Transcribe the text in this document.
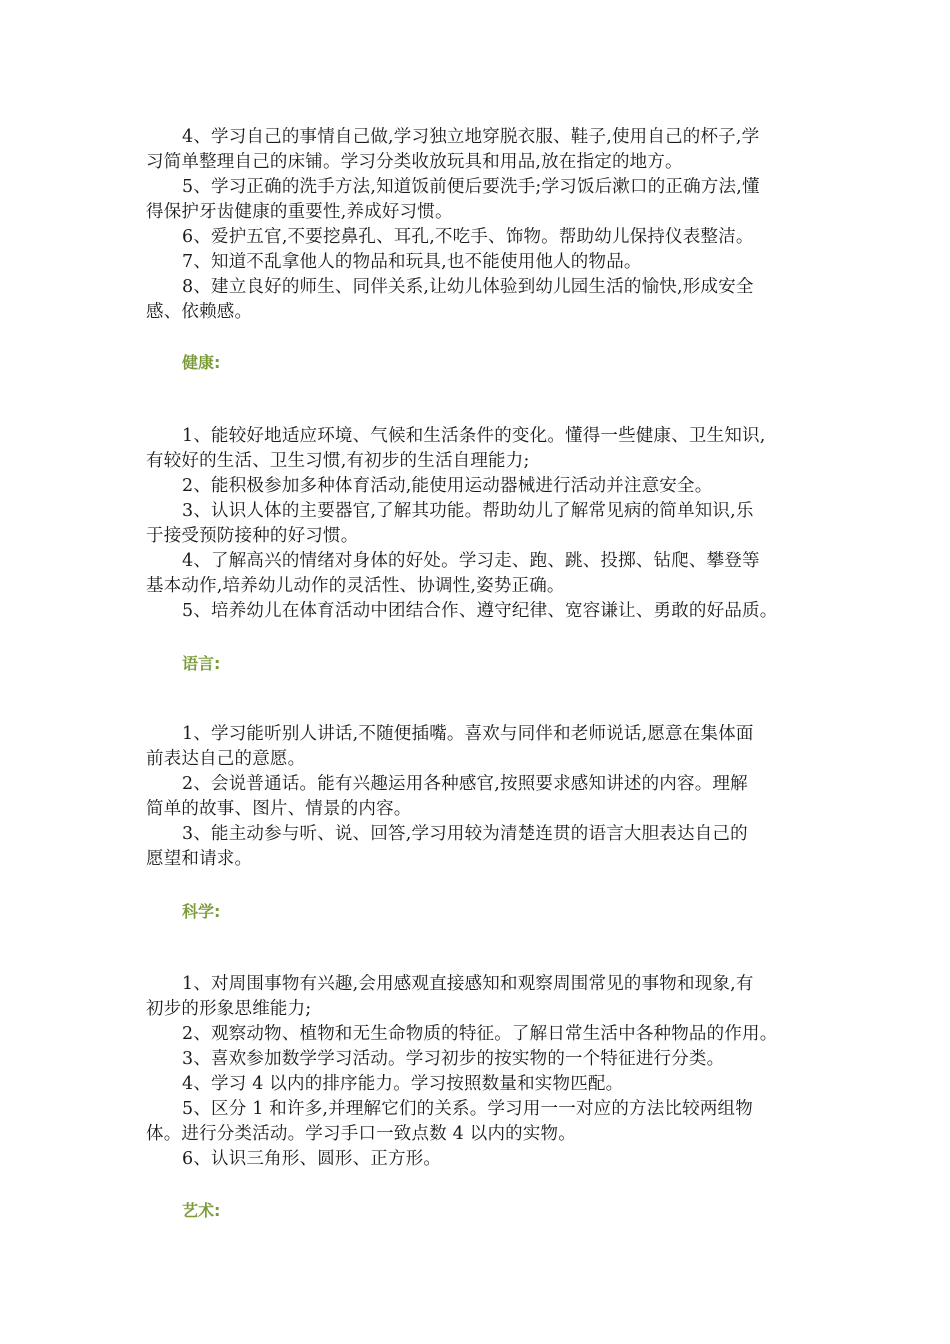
4、学习自己的事情自己做,学习独立地穿脱衣服、鞋子,使用自己的杯子,学
习简单整理自己的床铺。学习分类收放玩具和用品,放在指定的地方。

5、学习正确的洗手方法,知道饭前便后要洗手;学习饭后漱口的正确方法,懂
得保护牙齿健康的重要性,养成好习惯。

6、爱护五官,不要挖鼻孔、耳孔,不吃手、饰物。帮助幼儿保持仪表整洁。

7、知道不乱拿他人的物品和玩具,也不能使用他人的物品。

8、建立良好的师生、同伴关系,让幼儿体验到幼儿园生活的愉快,形成安全
感、依赖感。

健康:

1、能较好地适应环境、气候和生活条件的变化。懂得一些健康、卫生知识,
有较好的生活、卫生习惯,有初步的生活自理能力;

2、能积极参加多种体育活动,能使用运动器械进行活动并注意安全。

3、认识人体的主要器官,了解其功能。帮助幼儿了解常见病的简单知识,乐
于接受预防接种的好习惯。

4、了解高兴的情绪对身体的好处。学习走、跑、跳、投掷、钻爬、攀登等
基本动作,培养幼儿动作的灵活性、协调性,姿势正确。

5、培养幼儿在体育活动中团结合作、遵守纪律、宽容谦让、勇敢的好品质。

语言:

1、学习能听别人讲话,不随便插嘴。喜欢与同伴和老师说话,愿意在集体面
前表达自己的意愿。

2、会说普通话。能有兴趣运用各种感官,按照要求感知讲述的内容。理解
简单的故事、图片、情景的内容。

3、能主动参与听、说、回答,学习用较为清楚连贯的语言大胆表达自己的
愿望和请求。

科学:

1、对周围事物有兴趣,会用感观直接感知和观察周围常见的事物和现象,有
初步的形象思维能力;

2、观察动物、植物和无生命物质的特征。了解日常生活中各种物品的作用。

3、喜欢参加数学学习活动。学习初步的按实物的一个特征进行分类。

4、学习 4 以内的排序能力。学习按照数量和实物匹配。

5、区分 1 和许多,并理解它们的关系。学习用一一对应的方法比较两组物
体。进行分类活动。学习手口一致点数 4 以内的实物。

6、认识三角形、圆形、正方形。

艺术:
